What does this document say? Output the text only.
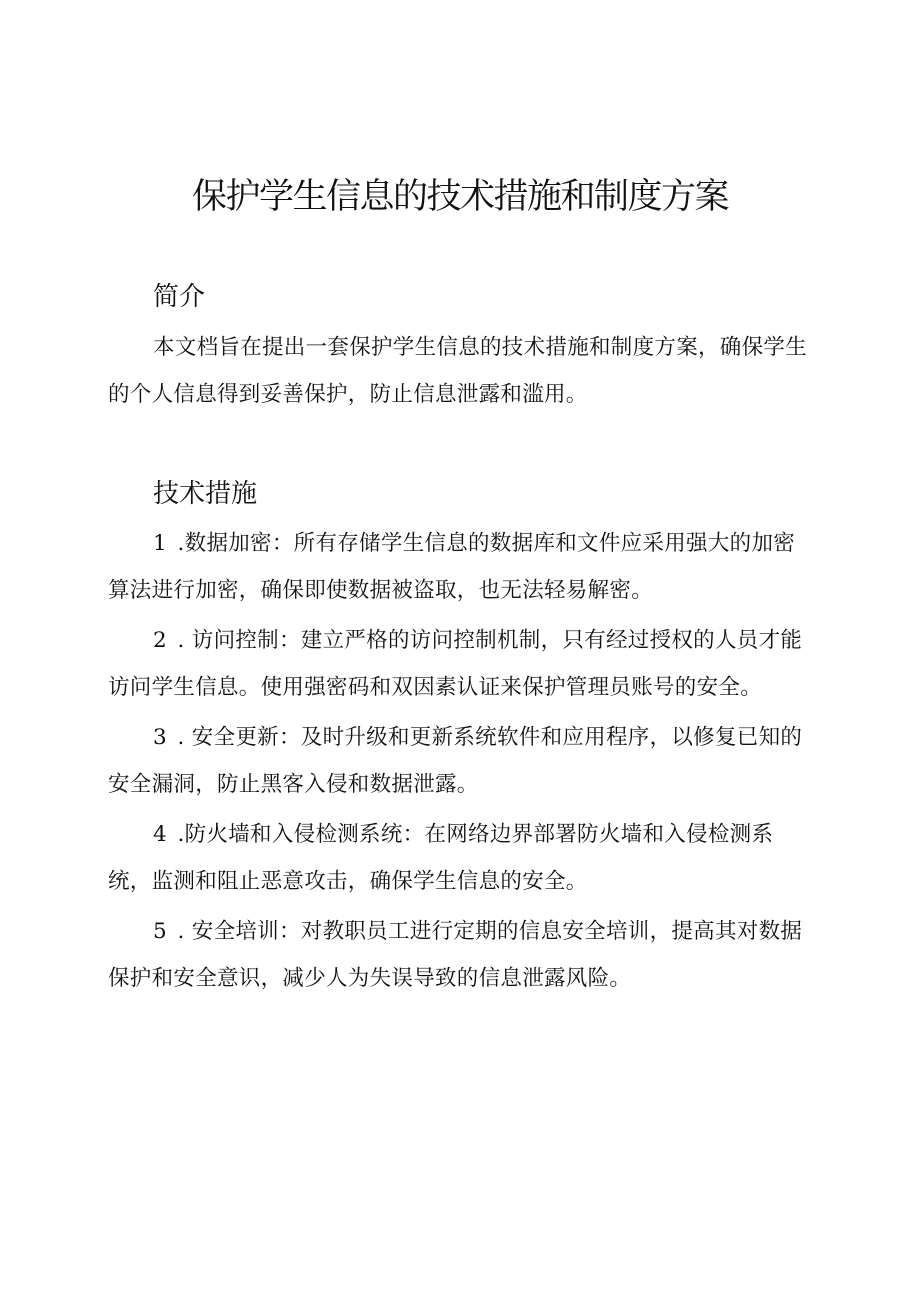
保护学生信息的技术措施和制度方案
简介

本文档旨在提出一套保护学生信息的技术措施和制度方案，确保学生的个人信息得到妥善保护，防止信息泄露和滥用。

技术措施

1 .数据加密：所有存储学生信息的数据库和文件应采用强大的加密算法进行加密，确保即使数据被盗取，也无法轻易解密。

2 . 访问控制：建立严格的访问控制机制，只有经过授权的人员才能访问学生信息。使用强密码和双因素认证来保护管理员账号的安全。

3 . 安全更新：及时升级和更新系统软件和应用程序，以修复已知的安全漏洞，防止黑客入侵和数据泄露。

4 .防火墙和入侵检测系统：在网络边界部署防火墙和入侵检测系统，监测和阻止恶意攻击，确保学生信息的安全。

5 . 安全培训：对教职员工进行定期的信息安全培训，提高其对数据保护和安全意识，减少人为失误导致的信息泄露风险。
